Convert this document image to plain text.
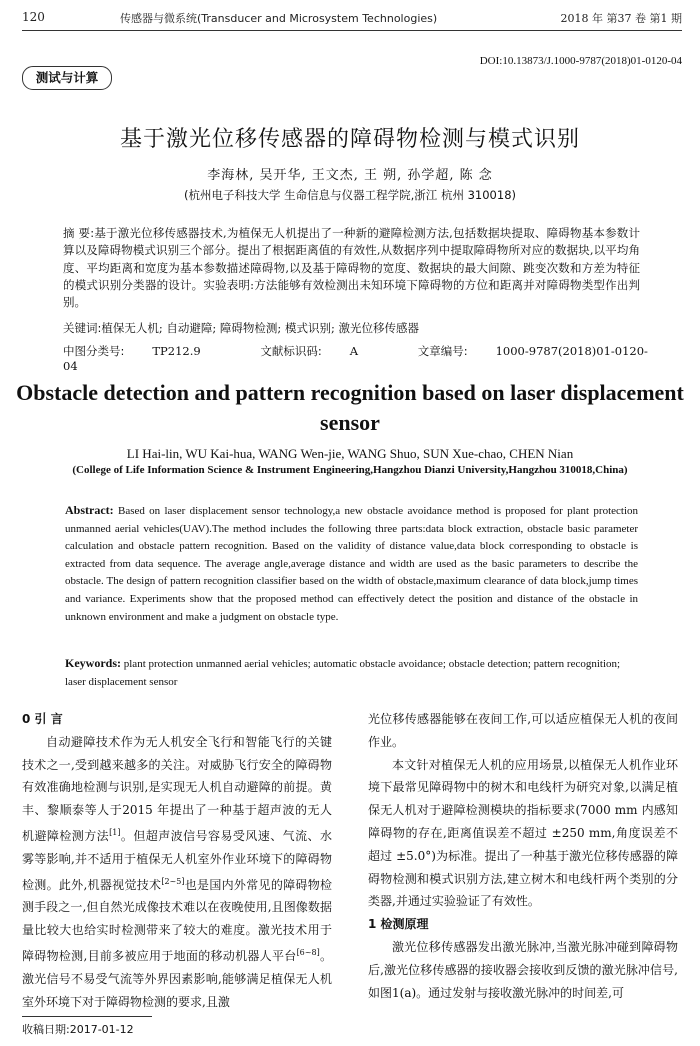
120	传感器与微系统(Transducer and Microsystem Technologies)	2018 年 第37 卷 第1 期
DOI:10.13873/J.1000-9787(2018)01-0120-04
测试与计算
基于激光位移传感器的障碍物检测与模式识别
李海林, 吴开华, 王文杰, 王 朔, 孙学超, 陈 念
(杭州电子科技大学 生命信息与仪器工程学院,浙江 杭州 310018)
摘 要:基于激光位移传感器技术,为植保无人机提出了一种新的避障检测方法,包括数据块提取、障碍物基本参数计算以及障碍物模式识别三个部分。提出了根据距离值的有效性,从数据序列中提取障碍物所对应的数据块,以平均角度、平均距离和宽度为基本参数描述障碍物,以及基于障碍物的宽度、数据块的最大间隙、跳变次数和方差为特征的模式识别分类器的设计。实验表明:方法能够有效检测出未知环境下障碍物的方位和距离并对障碍物类型作出判别。
关键词:植保无人机; 自动避障; 障碍物检测; 模式识别; 激光位移传感器
中图分类号: TP212.9	文献标识码: A	文章编号: 1000-9787(2018)01-0120-04
Obstacle detection and pattern recognition based on laser displacement sensor
LI Hai-lin, WU Kai-hua, WANG Wen-jie, WANG Shuo, SUN Xue-chao, CHEN Nian
(College of Life Information Science & Instrument Engineering,Hangzhou Dianzi University,Hangzhou 310018,China)
Abstract: Based on laser displacement sensor technology,a new obstacle avoidance method is proposed for plant protection unmanned aerial vehicles(UAV).The method includes the following three parts:data block extraction, obstacle basic parameter calculation and obstacle pattern recognition. Based on the validity of distance value,data block corresponding to obstacle is extracted from data sequence. The average angle,average distance and width are used as the basic parameters to describe the obstacle. The design of pattern recognition classifier based on the width of obstacle,maximum clearance of data block,jump times and variance. Experiments show that the proposed method can effectively detect the position and distance of the obstacle in unknown environment and make a judgment on obstacle type.
Keywords: plant protection unmanned aerial vehicles; automatic obstacle avoidance; obstacle detection; pattern recognition; laser displacement sensor
0 引 言

自动避障技术作为无人机安全飞行和智能飞行的关键技术之一,受到越来越多的关注。对威胁飞行安全的障碍物有效准确地检测与识别,是实现无人机自动避障的前提。黄丰、黎顺泰等人于2015 年提出了一种基于超声波的无人机避障检测方法[1]。但超声波信号容易受风速、气流、水雾等影响,并不适用于植保无人机室外作业环境下的障碍物检测。此外,机器视觉技术[2~5]也是国内外常见的障碍物检测手段之一,但自然光成像技术难以在夜晚使用,且图像数据量比较大也给实时检测带来了较大的难度。激光技术用于障碍物检测,目前多被应用于地面的移动机器人平台[6~8]。激光信号不易受气流等外界因素影响,能够满足植保无人机室外环境下对于障碍物检测的要求,且激

光位移传感器能够在夜间工作,可以适应植保无人机的夜间作业。

本文针对植保无人机的应用场景,以植保无人机作业环境下最常见障碍物中的树木和电线杆为研究对象,以满足植保无人机对于避障检测模块的指标要求(7000 mm 内感知障碍物的存在,距离值误差不超过 ±250 mm,角度误差不超过 ±5.0°)为标准。提出了一种基于激光位移传感器的障碍物检测和模式识别方法,建立树木和电线杆两个类别的分类器,并通过实验验证了有效性。

1 检测原理

激光位移传感器发出激光脉冲,当激光脉冲碰到障碍物后,激光位移传感器的接收器会接收到反馈的激光脉冲信号,如图1(a)。通过发射与接收激光脉冲的时间差,可

收稿日期:2017-01-12
